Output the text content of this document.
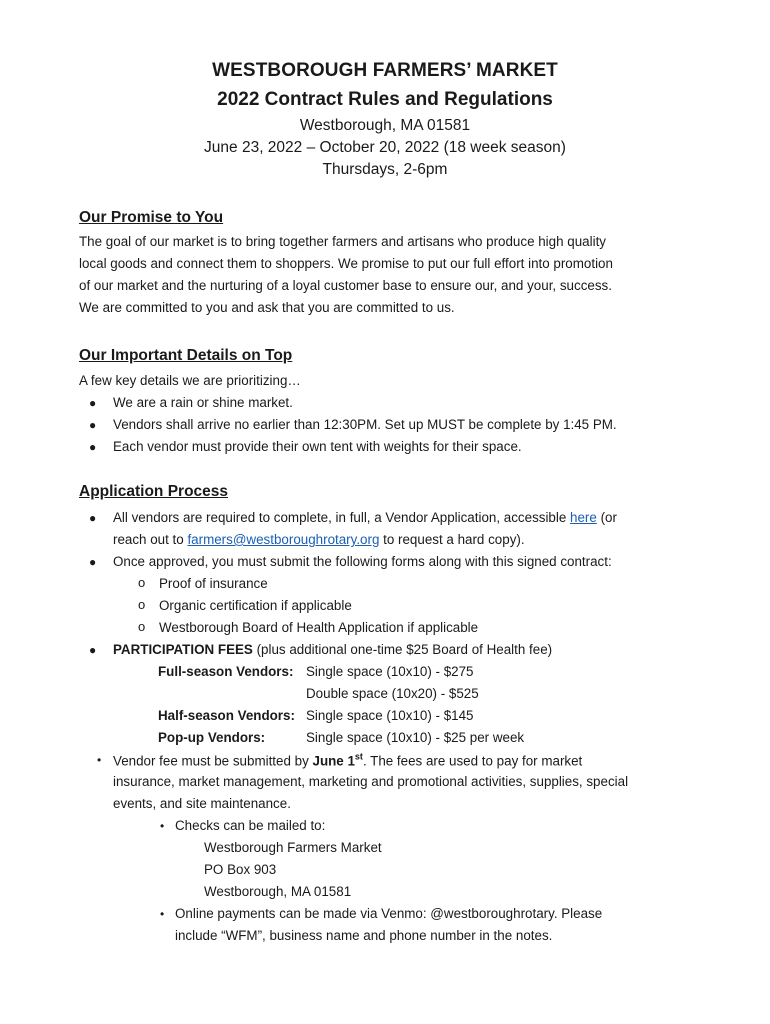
WESTBOROUGH FARMERS’ MARKET
2022 Contract Rules and Regulations
Westborough, MA 01581
June 23, 2022 – October 20, 2022 (18 week season)
Thursdays, 2-6pm
Our Promise to You
The goal of our market is to bring together farmers and artisans who produce high quality
local goods and connect them to shoppers. We promise to put our full effort into promotion
of our market and the nurturing of a loyal customer base to ensure our, and your, success.
We are committed to you and ask that you are committed to us.
Our Important Details on Top
A few key details we are prioritizing…
● We are a rain or shine market.
● Vendors shall arrive no earlier than 12:30PM. Set up MUST be complete by 1:45 PM.
● Each vendor must provide their own tent with weights for their space.
Application Process
● All vendors are required to complete, in full, a Vendor Application, accessible here (or
reach out to farmers@westboroughrotary.org to request a hard copy).
● Once approved, you must submit the following forms along with this signed contract:
o Proof of insurance
o Organic certification if applicable
o Westborough Board of Health Application if applicable
● PARTICIPATION FEES (plus additional one-time $25 Board of Health fee)
Full-season Vendors: Single space (10x10) - $275
Double space (10x20) - $525
Half-season Vendors: Single space (10x10) - $145
Pop-up Vendors:	Single space (10x10) - $25 per week
• Vendor fee must be submitted by June 1st. The fees are used to pay for market
insurance, market management, marketing and promotional activities, supplies, special
events, and site maintenance.
• Checks can be mailed to:
Westborough Farmers Market
PO Box 903
Westborough, MA 01581
• Online payments can be made via Venmo: @westboroughrotary. Please
include “WFM”, business name and phone number in the notes.
